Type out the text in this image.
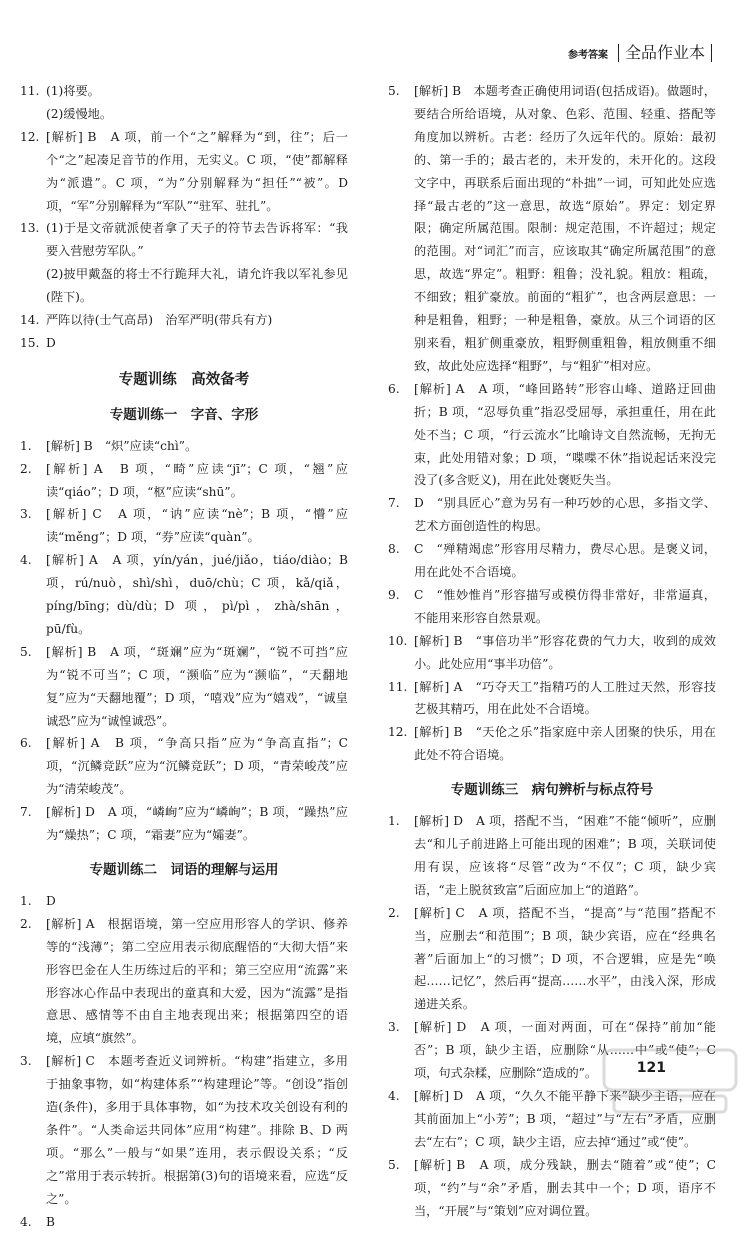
参考答案	全品作业本
11. (1)将要。
(2)缓慢地。
12. [解析] B　A 项，前一个“之”解释为“到，往”；后一个“之”起凑足音节的作用，无实义。C 项，“使”都解释为“派遣”。C 项，“为”分别解释为“担任”“被”。D 项，“军”分别解释为“军队”“驻军、驻扎”。
13. (1)于是文帝就派使者拿了天子的符节去告诉将军：“我要入营慰劳军队。”
(2)披甲戴盔的将士不行跪拜大礼，请允许我以军礼参见(陛下)。
14. 严阵以待(士气高昂)　治军严明(带兵有方)
15. D
专题训练　高效备考
专题训练一　字音、字形
1.	[解析] B　“炽”应读“chì”。
2.	[解析] A　B 项，“畸”应读“jī”；C 项，“翘”应读“qiáo”；D 项，“枢”应读“shū”。
3.	[解析] C　A 项，“讷”应读“nè”；B 项，“懵”应读“měng”；D 项，“券”应读“quàn”。
4.	[解析] A　A 项，yín/yán，jué/jiǎo，tiáo/diào；B 项，rú/nuò，shì/shì，duō/chù；C 项，kǎ/qiǎ，píng/bīng；dù/dù；D 项，pì/pì，zhà/shān，pū/fù。
5.	[解析] B　A 项，“斑斓”应为“斑斓”，“锐不可挡”应为“锐不可当”；C 项，“濒临”应为“濒临”，“天翻地复”应为“天翻地覆”；D 项，“嘻戏”应为“嬉戏”，“诚皇诚恐”应为“诚惶诚恐”。
6.	[解析] A　B 项，“争高只指”应为“争高直指”；C 项，“沉鳞竞跃”应为“沉鳞竞跃”；D 项，“青荣峻茂”应为“清荣峻茂”。
7.	[解析] D　A 项，“嶙峋”应为“嶙峋”；B 项，“躁热”应为“燥热”；C 项，“霜妻”应为“孀妻”。
专题训练二　词语的理解与运用
1.	D
2.	[解析] A　根据语境，第一空应用形容人的学识、修养等的“浅薄”；第二空应用表示彻底醒悟的“大彻大悟”来形容巴金在人生历练过后的平和；第三空应用“流露”来形容冰心作品中表现出的童真和大爱，因为“流露”是指意思、感情等不由自主地表现出来；根据第四空的语境，应填“旗然”。
3.	[解析] C　本题考查近义词辨析。“构建”指建立，多用于抽象事物，如“构建体系”“构建理论”等。“创设”指创造(条件)，多用于具体事物，如“为技术攻关创设有利的条件”。“人类命运共同体”应用“构建”。排除 B、D 两项。“那么”一般与“如果”连用，表示假设关系；“反之”常用于表示转折。根据第(3)句的语境来看，应选“反之”。
4.	B
5.	[解析] B　本题考查正确使用词语(包括成语)。做题时，要结合所给语境，从对象、色彩、范围、轻重、搭配等角度加以辨析。古老：经历了久远年代的。原始：最初的、第一手的；最古老的，未开发的，未开化的。这段文字中，再联系后面出现的“朴拙”一词，可知此处应选择“最古老的”这一意思，故选“原始”。界定：划定界限；确定所属范围。限制：规定范围，不许超过；规定的范围。对“词汇”而言，应该取其“确定所属范围”的意思，故选“界定”。粗野：粗鲁；没礼貌。粗放：粗疏，不细致；粗犷豪放。前面的“粗犷”，也含两层意思：一种是粗鲁，粗野；一种是粗鲁，豪放。从三个词语的区别来看，粗犷侧重豪放，粗野侧重粗鲁，粗放侧重不细致，故此处应选择“粗野”，与“粗犷”相对应。
6.	[解析] A　A 项，“峰回路转”形容山峰、道路迂回曲折；B 项，“忍辱负重”指忍受屈辱，承担重任，用在此处不当；C 项，“行云流水”比喻诗文自然流畅，无拘无束，此处用错对象；D 项，“喋喋不休”指说起话来没完没了(多含贬义)，用在此处褒贬失当。
7.	D　“别具匠心”意为另有一种巧妙的心思，多指文学、艺术方面创造性的构思。
8.	C　“殚精竭虑”形容用尽精力，费尽心思。是褒义词，用在此处不合语境。
9.	C　“惟妙惟肖”形容描写或模仿得非常好，非常逼真，不能用来形容自然景观。
10. [解析] B　“事倍功半”形容花费的气力大，收到的成效小。此处应用“事半功倍”。
11. [解析] A　“巧夺天工”指精巧的人工胜过天然，形容技艺极其精巧，用在此处不合语境。
12. [解析] B　“天伦之乐”指家庭中亲人团聚的快乐，用在此处不符合语境。
专题训练三　病句辨析与标点符号
1.	[解析] D　A 项，搭配不当，“困难”不能“倾听”，应删去“和儿子前进路上可能出现的困难”；B 项，关联词使用有误，应该将“尽管”改为“不仅”；C 项，缺少宾语，“走上脱贫致富”后面应加上“的道路”。
2.	[解析] C　A 项，搭配不当，“提高”与“范围”搭配不当，应删去“和范围”；B 项，缺少宾语，应在“经典名著”后面加上“的习惯”；D 项，不合逻辑，应是先“唤起……记忆”，然后再“提高……水平”，由浅入深，形成递进关系。
3.	[解析] D　A 项，一面对两面，可在“保持”前加“能否”；B 项，缺少主语，应删除“从……中”或“使”；C 项，句式杂糅，应删除“造成的”。
4.	[解析] D　A 项，“久久不能平静下来”缺少主语，应在其前面加上“小芳”；B 项，“超过”与“左右”矛盾，应删去“左右”；C 项，缺少主语，应去掉“通过”或“使”。
5.	[解析] B　A 项，成分残缺，删去“随着”或“使”；C 项，“约”与“余”矛盾，删去其中一个；D 项，语序不当，“开展”与“策划”应对调位置。
121
